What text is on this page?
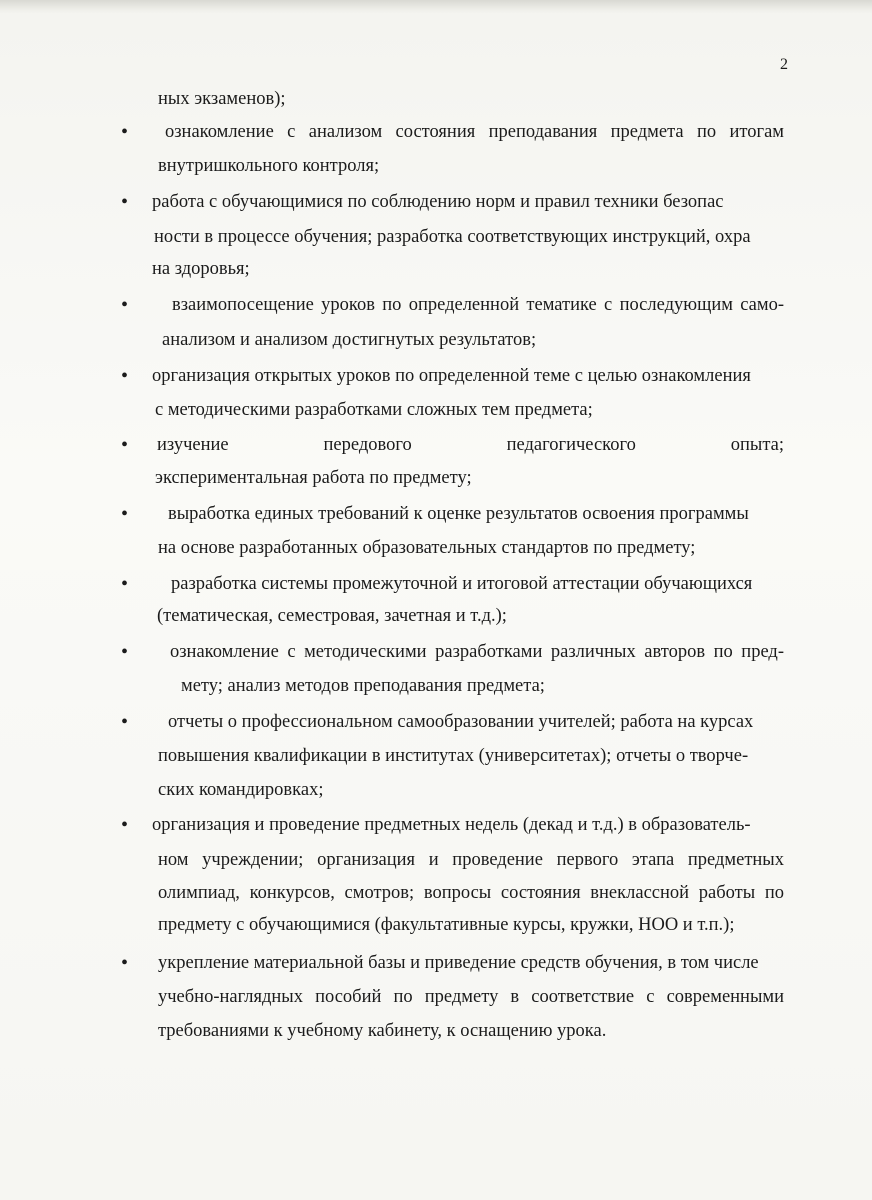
2
ных экзаменов);
• ознакомление с анализом состояния преподавания предмета по итогам
внутришкольного контроля;
• работа с обучающимися по соблюдению норм и правил техники безопас
ности в процессе обучения; разработка соответствующих инструкций, охра
на здоровья;
• взаимопосещение уроков по определенной тематике с последующим само-
анализом и анализом достигнутых результатов;
• организация открытых уроков по определенной теме с целью ознакомления
с методическими разработками сложных тем предмета;
• изучение передового педагогического опыта;
экспериментальная работа по предмету;
• выработка единых требований к оценке результатов освоения программы
на основе разработанных образовательных стандартов по предмету;
• разработка системы промежуточной и итоговой аттестации обучающихся
(тематическая, семестровая, зачетная и т.д.);
• ознакомление с методическими разработками различных авторов по пред-
мету; анализ методов преподавания предмета;
• отчеты о профессиональном самообразовании учителей; работа на курсах
повышения квалификации в институтах (университетах); отчеты о творче-
ских командировках;
• организация и проведение предметных недель (декад и т.д.) в образователь-
ном учреждении; организация и проведение первого этапа предметных
олимпиад, конкурсов, смотров; вопросы состояния внеклассной работы по
предмету с обучающимися (факультативные курсы, кружки, НОО и т.п.);
• укрепление материальной базы и приведение средств обучения, в том числе
учебно-наглядных пособий по предмету в соответствие с современными
требованиями к учебному кабинету, к оснащению урока.
